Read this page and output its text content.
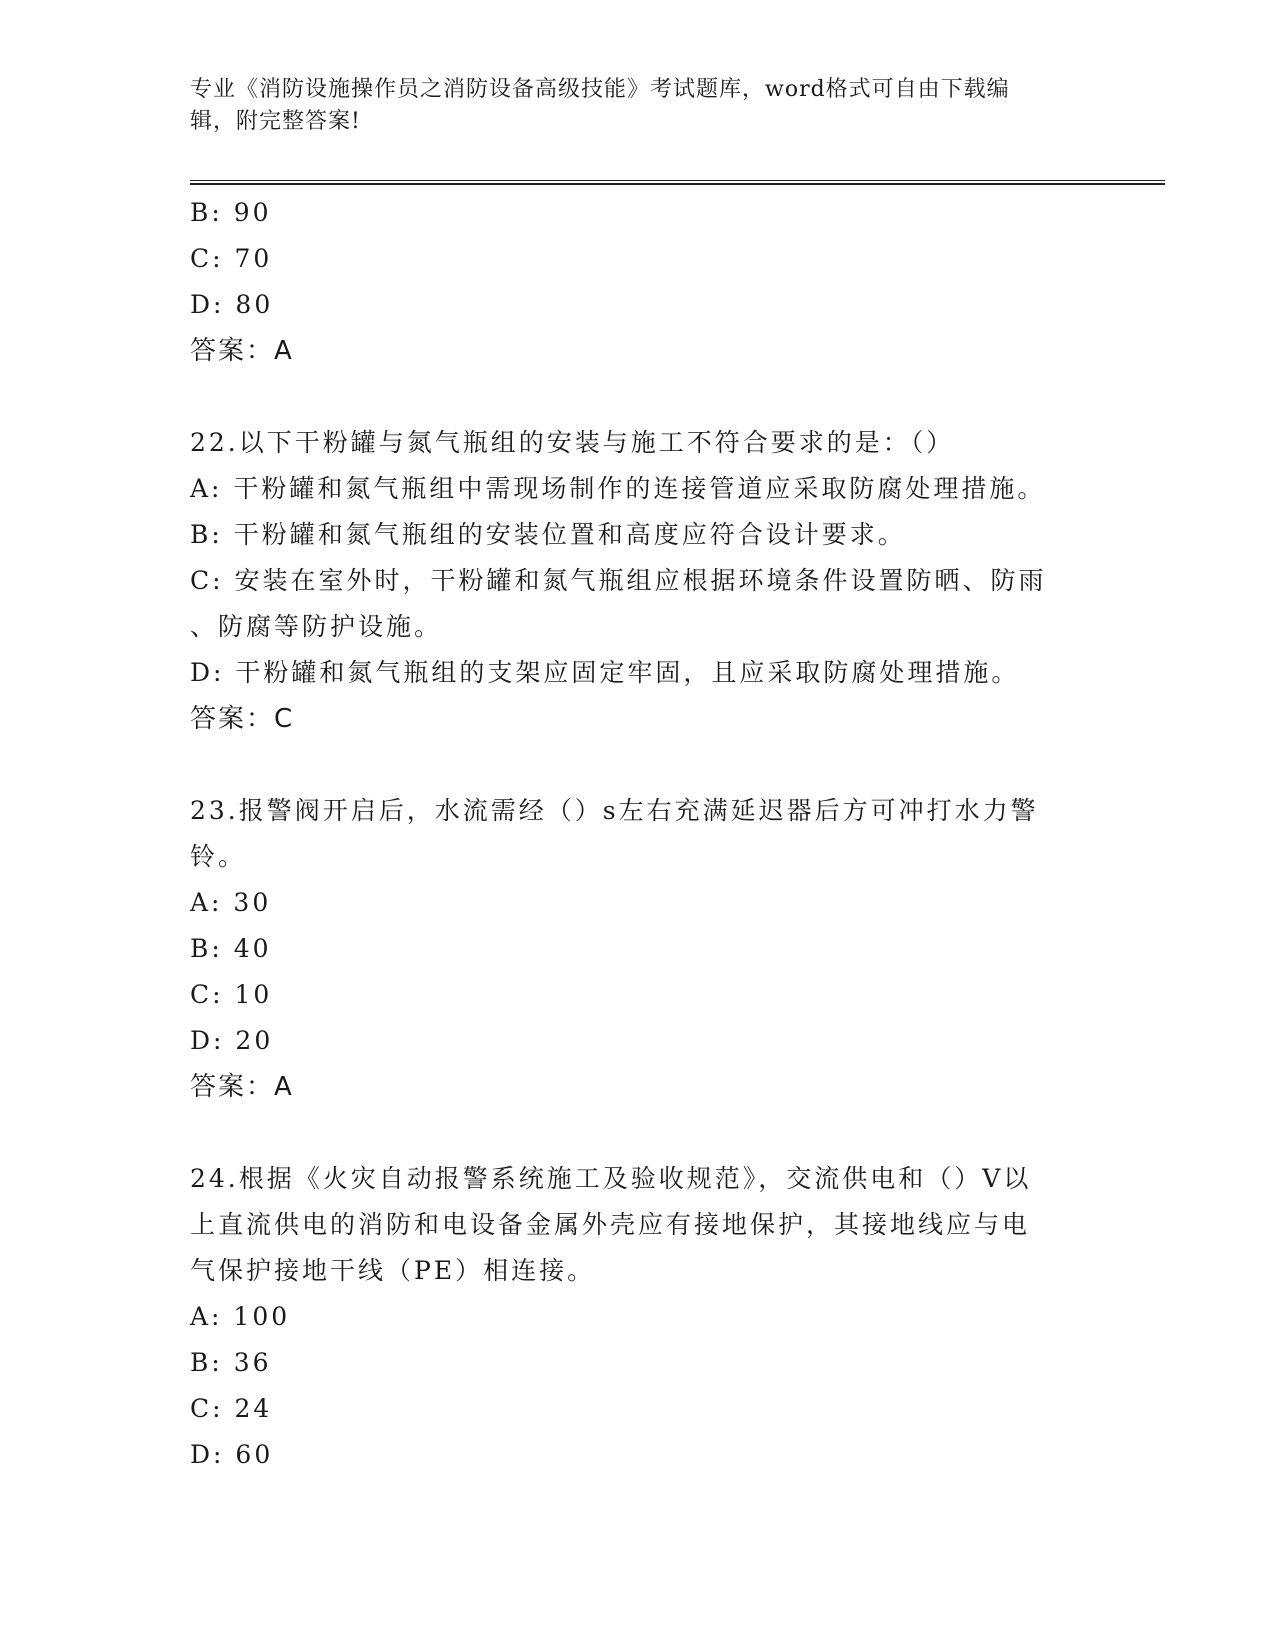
专业《消防设施操作员之消防设备高级技能》考试题库，word格式可自由下载编
辑，附完整答案!
B: 90
C: 70
D: 80
答案：A
22.以下干粉罐与氮气瓶组的安装与施工不符合要求的是：（）
A: 干粉罐和氮气瓶组中需现场制作的连接管道应采取防腐处理措施。
B: 干粉罐和氮气瓶组的安装位置和高度应符合设计要求。
C: 安装在室外时，干粉罐和氮气瓶组应根据环境条件设置防晒、防雨
、防腐等防护设施。
D: 干粉罐和氮气瓶组的支架应固定牢固，且应采取防腐处理措施。
答案：C
23.报警阀开启后，水流需经（）s左右充满延迟器后方可冲打水力警
铃。
A: 30
B: 40
C: 10
D: 20
答案：A
24.根据《火灾自动报警系统施工及验收规范》，交流供电和（）V以
上直流供电的消防和电设备金属外壳应有接地保护，其接地线应与电
气保护接地干线（PE）相连接。
A: 100
B: 36
C: 24
D: 60
